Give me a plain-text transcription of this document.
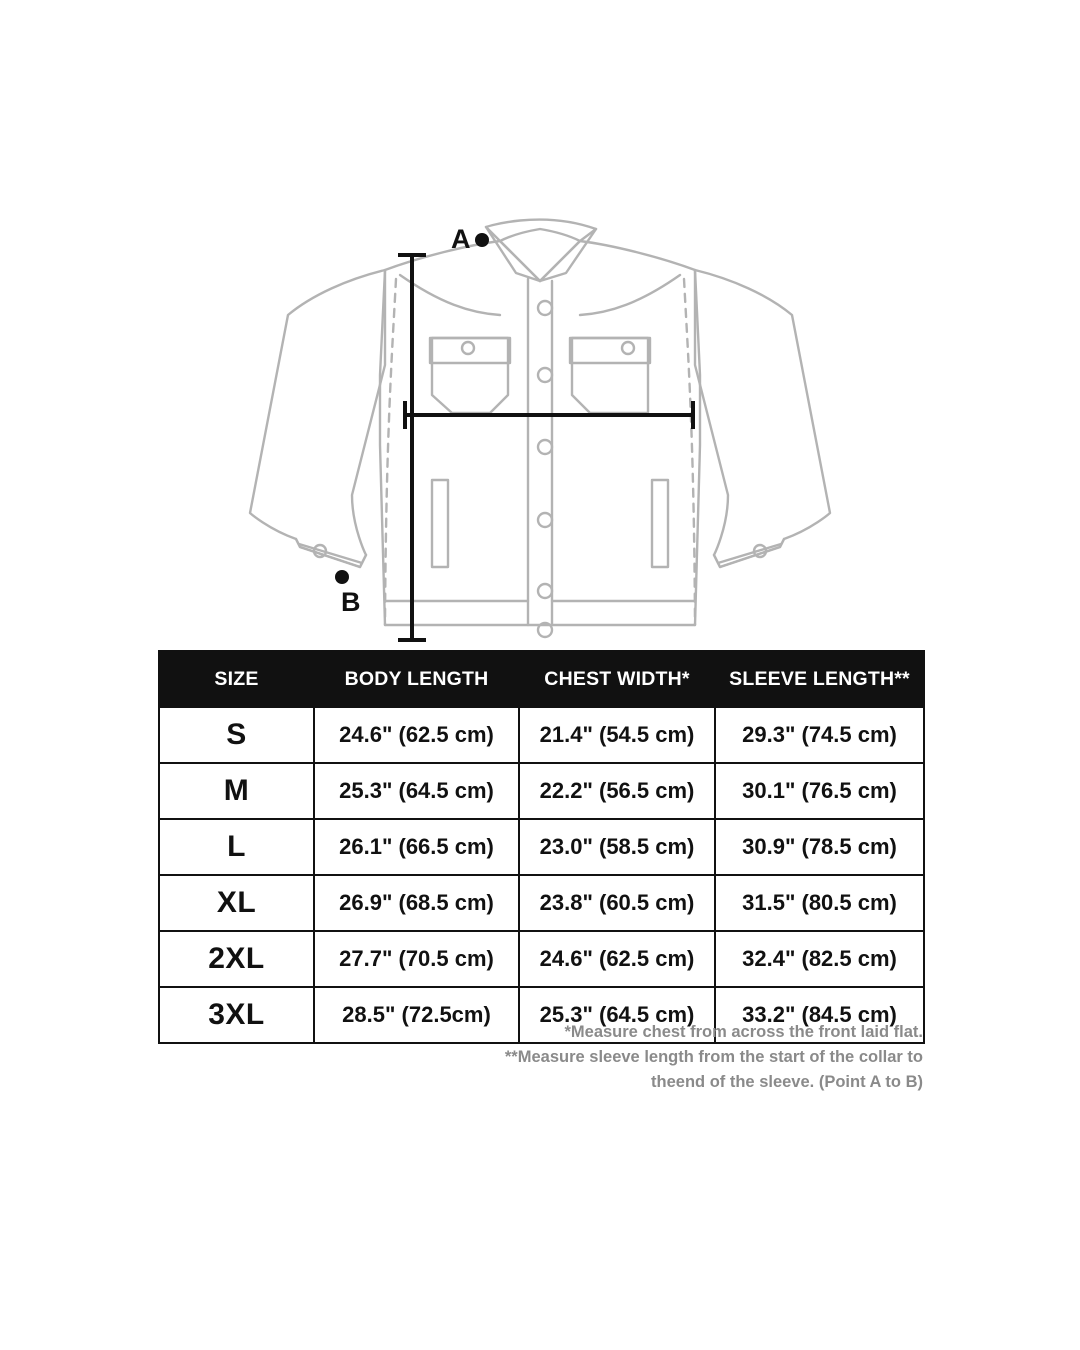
A
B
SIZE	BODY LENGTH	CHEST WIDTH*	SLEEVE LENGTH**
S	24.6" (62.5 cm)	21.4" (54.5 cm)	29.3" (74.5 cm)
M	25.3" (64.5 cm)	22.2" (56.5 cm)	30.1" (76.5 cm)
L	26.1" (66.5 cm)	23.0" (58.5 cm)	30.9" (78.5 cm)
XL	26.9" (68.5 cm)	23.8" (60.5 cm)	31.5" (80.5 cm)
2XL	27.7" (70.5 cm)	24.6" (62.5 cm)	32.4" (82.5 cm)
3XL	28.5" (72.5cm)	25.3" (64.5 cm)	33.2" (84.5 cm)
*Measure chest from across the front laid flat.
**Measure sleeve length from the start of the collar to
theend of the sleeve. (Point A to B)
